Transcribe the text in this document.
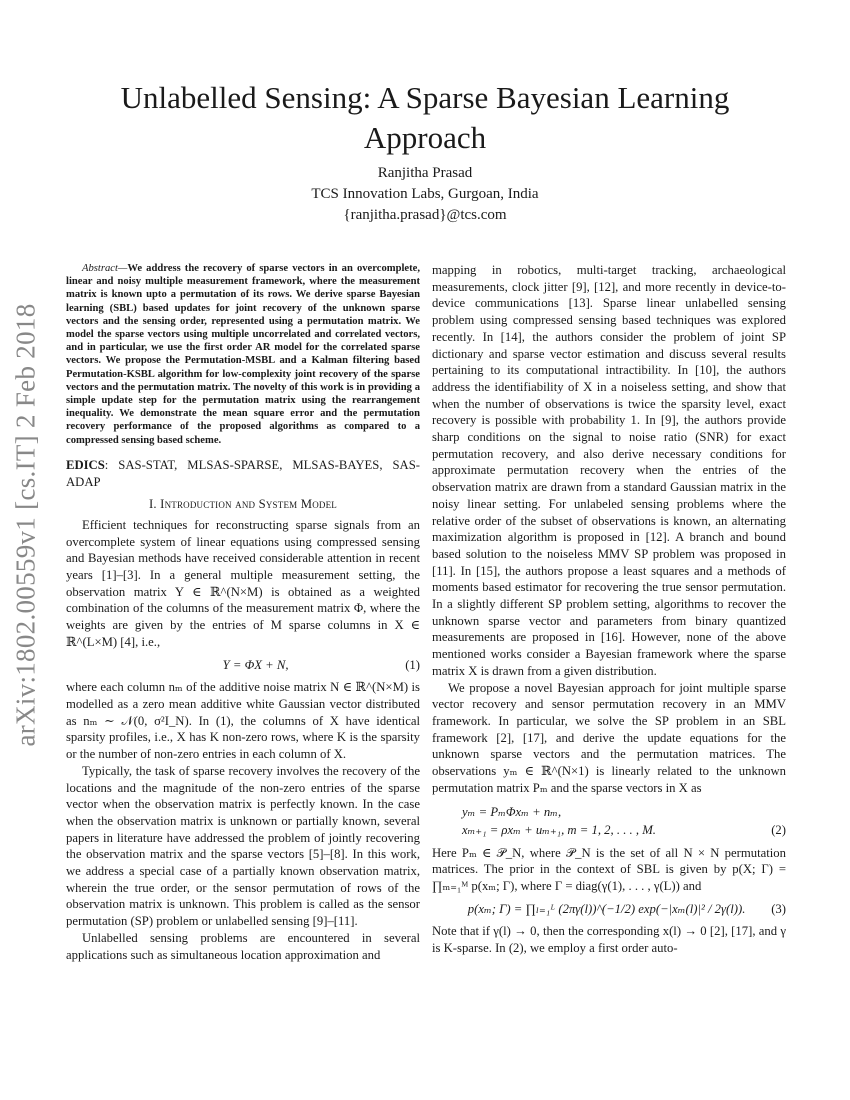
Unlabelled Sensing: A Sparse Bayesian Learning Approach
Ranjitha Prasad
TCS Innovation Labs, Gurgoan, India
{ranjitha.prasad}@tcs.com
arXiv:1802.00559v1 [cs.IT] 2 Feb 2018

Abstract—We address the recovery of sparse vectors in an overcomplete, linear and noisy multiple measurement framework, where the measurement matrix is known upto a permutation of its rows. We derive sparse Bayesian learning (SBL) based updates for joint recovery of the unknown sparse vectors and the sensing order, represented using a permutation matrix. We model the sparse vectors using multiple uncorrelated and correlated vectors, and in particular, we use the first order AR model for the correlated sparse vectors. We propose the Permutation-MSBL and a Kalman filtering based Permutation-KSBL algorithm for low-complexity joint recovery of the sparse vectors and the permutation matrix. The novelty of this work is in providing a simple update step for the permutation matrix using the rearrangement inequality. We demonstrate the mean square error and the permutation recovery performance of the proposed algorithms as compared to a compressed sensing based scheme.

EDICS: SAS-STAT, MLSAS-SPARSE, MLSAS-BAYES, SAS-ADAP

I. Introduction and System Model

Efficient techniques for reconstructing sparse signals from an overcomplete system of linear equations using compressed sensing and Bayesian methods have received considerable attention in recent years [1]–[3]. In a general multiple measurement setting, the observation matrix Y ∈ ℝ^(N×M) is obtained as a weighted combination of the columns of the measurement matrix Φ, where the weights are given by the entries of M sparse columns in X ∈ ℝ^(L×M) [4], i.e.,

Y = ΦX + N,	(1)

where each column nₘ of the additive noise matrix N ∈ ℝ^(N×M) is modelled as a zero mean additive white Gaussian vector distributed as nₘ ∼ 𝒩(0, σ²I_N). In (1), the columns of X have identical sparsity profiles, i.e., X has K non-zero rows, where K is the sparsity or the number of non-zero entries in each column of X.

Typically, the task of sparse recovery involves the recovery of the locations and the magnitude of the non-zero entries of the sparse vector when the observation matrix is perfectly known. In the case when the observation matrix is unknown or partially known, several papers in literature have addressed the problem of jointly recovering the observation matrix and the sparse vectors [5]–[8]. In this work, we address a special case of a partially known observation matrix, wherein the true order, or the sensor permutation of rows of the observation matrix is unknown. This problem is called as the sensor permutation (SP) problem or unlabelled sensing [9]–[11].

Unlabelled sensing problems are encountered in several applications such as simultaneous location approximation and

mapping in robotics, multi-target tracking, archaeological measurements, clock jitter [9], [12], and more recently in device-to-device communications [13]. Sparse linear unlabelled sensing problem using compressed sensing based techniques was explored recently. In [14], the authors consider the problem of joint SP dictionary and sparse vector estimation and discuss several results pertaining to its computational intractibility. In [10], the authors address the identifiability of X in a noiseless setting, and show that when the number of observations is twice the sparsity level, exact recovery is possible with probability 1. In [9], the authors provide sharp conditions on the signal to noise ratio (SNR) for exact permutation recovery, and also derive necessary conditions for approximate permutation recovery when the entries of the observation matrix are drawn from a standard Gaussian matrix in the noisy linear setting. For unlabeled sensing problems where the relative order of the subset of observations is known, an alternating maximization algorithm is proposed in [12]. A branch and bound based solution to the noiseless MMV SP problem was proposed in [11]. In [15], the authors propose a least squares and a methods of moments based estimator for recovering the true sensor permutation. In a slightly different SP problem setting, algorithms to recover the unknown sparse vector and parameters from binary quantized measurements are proposed in [16]. However, none of the above mentioned works consider a Bayesian framework where the sparse matrix X is drawn from a given distribution.

We propose a novel Bayesian approach for joint multiple sparse vector recovery and sensor permutation recovery in an MMV framework. In particular, we solve the SP problem in an SBL framework [2], [17], and derive the update equations for the unknown sparse vectors and the permutation matrices. The observations yₘ ∈ ℝ^(N×1) is linearly related to the unknown permutation matrix Pₘ and the sparse vectors in X as

yₘ = PₘΦxₘ + nₘ,
xₘ₊₁ = ρxₘ + uₘ₊₁, m = 1, 2, . . . , M.	(2)

Here Pₘ ∈ 𝒫_N, where 𝒫_N is the set of all N × N permutation matrices. The prior in the context of SBL is given by p(X; Γ) = ∏ₘ₌₁ᴹ p(xₘ; Γ), where Γ = diag(γ(1), . . . , γ(L)) and

p(xₘ; Γ) = ∏ₗ₌₁ᴸ (2πγ(l))^(−1/2) exp(−|xₘ(l)|² / 2γ(l)).	(3)

Note that if γ(l) → 0, then the corresponding x(l) → 0 [2], [17], and γ is K-sparse. In (2), we employ a first order auto-
